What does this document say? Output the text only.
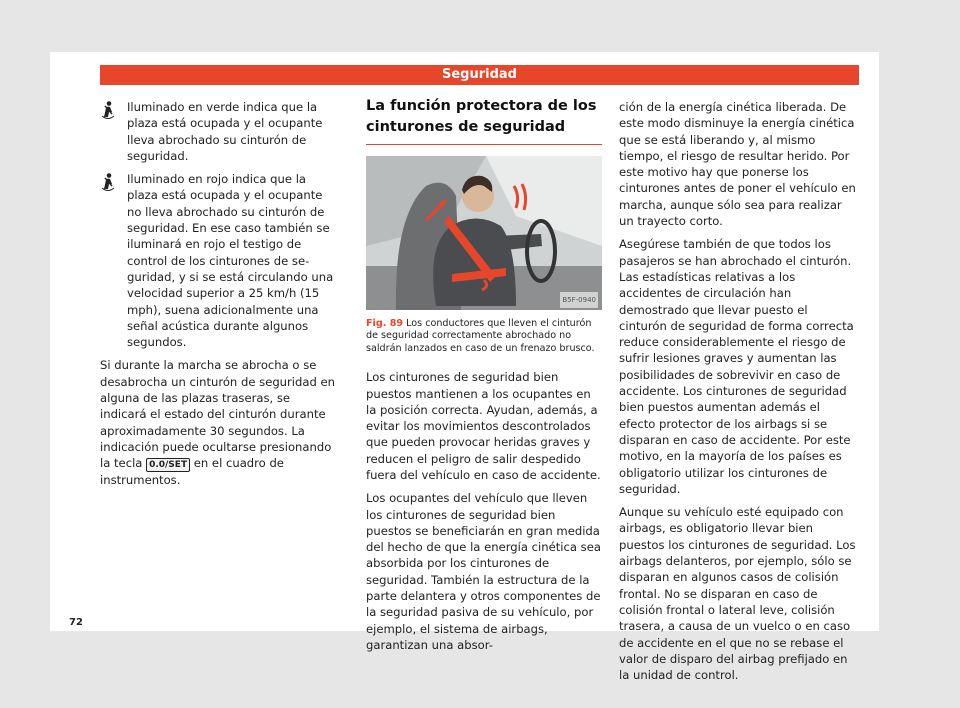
Seguridad
Iluminado en verde indica que la plaza está ocupada y el ocupante lleva abrochado su cinturón de seguridad.
Iluminado en rojo indica que la plaza está ocupada y el ocupante no lleva abrochado su cinturón de seguridad. En ese caso también se iluminará en rojo el testigo de control de los cinturones de seguridad, y si se está circulando una velocidad superior a 25 km/h (15 mph), suena adicionalmente una señal acústica durante algunos segundos.

Si durante la marcha se abrocha o se desabrocha un cinturón de seguridad en alguna de las plazas traseras, se indicará el estado del cinturón durante aproximadamente 30 segundos. La indicación puede ocultarse presionando la tecla 0.0/SET en el cuadro de instrumentos.

La función protectora de los cinturones de seguridad
B5F-0940
Fig. 89 Los conductores que lleven el cinturón de seguridad correctamente abrochado no saldrán lanzados en caso de un frenazo brusco.

Los cinturones de seguridad bien puestos mantienen a los ocupantes en la posición correcta. Ayudan, además, a evitar los movimientos descontrolados que pueden provocar heridas graves y reducen el peligro de salir despedido fuera del vehículo en caso de accidente.

Los ocupantes del vehículo que lleven los cinturones de seguridad bien puestos se beneficiarán en gran medida del hecho de que la energía cinética sea absorbida por los cinturones de seguridad. También la estructura de la parte delantera y otros componentes de la seguridad pasiva de su vehículo, por ejemplo, el sistema de airbags, garantizan una absor-

ción de la energía cinética liberada. De este modo disminuye la energía cinética que se está liberando y, al mismo tiempo, el riesgo de resultar herido. Por este motivo hay que ponerse los cinturones antes de poner el vehículo en marcha, aunque sólo sea para realizar un trayecto corto.

Asegúrese también de que todos los pasajeros se han abrochado el cinturón. Las estadísticas relativas a los accidentes de circulación han demostrado que llevar puesto el cinturón de seguridad de forma correcta reduce considerablemente el riesgo de sufrir lesiones graves y aumentan las posibilidades de sobrevivir en caso de accidente. Los cinturones de seguridad bien puestos aumentan además el efecto protector de los airbags si se disparan en caso de accidente. Por este motivo, en la mayoría de los países es obligatorio utilizar los cinturones de seguridad.

Aunque su vehículo esté equipado con airbags, es obligatorio llevar bien puestos los cinturones de seguridad. Los airbags delanteros, por ejemplo, sólo se disparan en algunos casos de colisión frontal. No se disparan en caso de colisión frontal o lateral leve, colisión trasera, a causa de un vuelco o en caso de accidente en el que no se rebase el valor de disparo del airbag prefijado en la unidad de control.

72
